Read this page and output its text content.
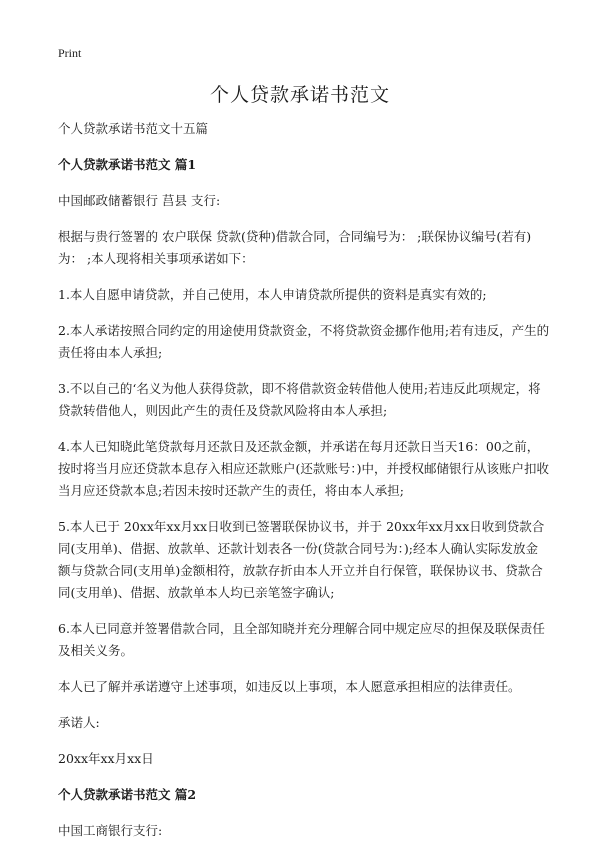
Print
个人贷款承诺书范文

个人贷款承诺书范文十五篇

个人贷款承诺书范文 篇1

中国邮政储蓄银行 莒县 支行:

根据与贵行签署的 农户联保 贷款(贷种)借款合同，合同编号为： ;联保协议编号(若有)为： ;本人现将相关事项承诺如下：

1.本人自愿申请贷款，并自己使用，本人申请贷款所提供的资料是真实有效的;

2.本人承诺按照合同约定的用途使用贷款资金，不将贷款资金挪作他用;若有违反，产生的责任将由本人承担;

3.不以自己的‘名义为他人获得贷款，即不将借款资金转借他人使用;若违反此项规定，将贷款转借他人，则因此产生的责任及贷款风险将由本人承担;

4.本人已知晓此笔贷款每月还款日及还款金额，并承诺在每月还款日当天16：00之前，按时将当月应还贷款本息存入相应还款账户(还款账号：)中，并授权邮储银行从该账户扣收当月应还贷款本息;若因未按时还款产生的责任，将由本人承担;

5.本人已于 20xx年xx月xx日收到已签署联保协议书，并于 20xx年xx月xx日收到贷款合同(支用单)、借据、放款单、还款计划表各一份(贷款合同号为：);经本人确认实际发放金额与贷款合同(支用单)金额相符，放款存折由本人开立并自行保管，联保协议书、贷款合同(支用单)、借据、放款单本人均已亲笔签字确认;

6.本人已同意并签署借款合同，且全部知晓并充分理解合同中规定应尽的担保及联保责任及相关义务。

本人已了解并承诺遵守上述事项，如违反以上事项，本人愿意承担相应的法律责任。

承诺人:

20xx年xx月xx日

个人贷款承诺书范文 篇2

中国工商银行支行:
